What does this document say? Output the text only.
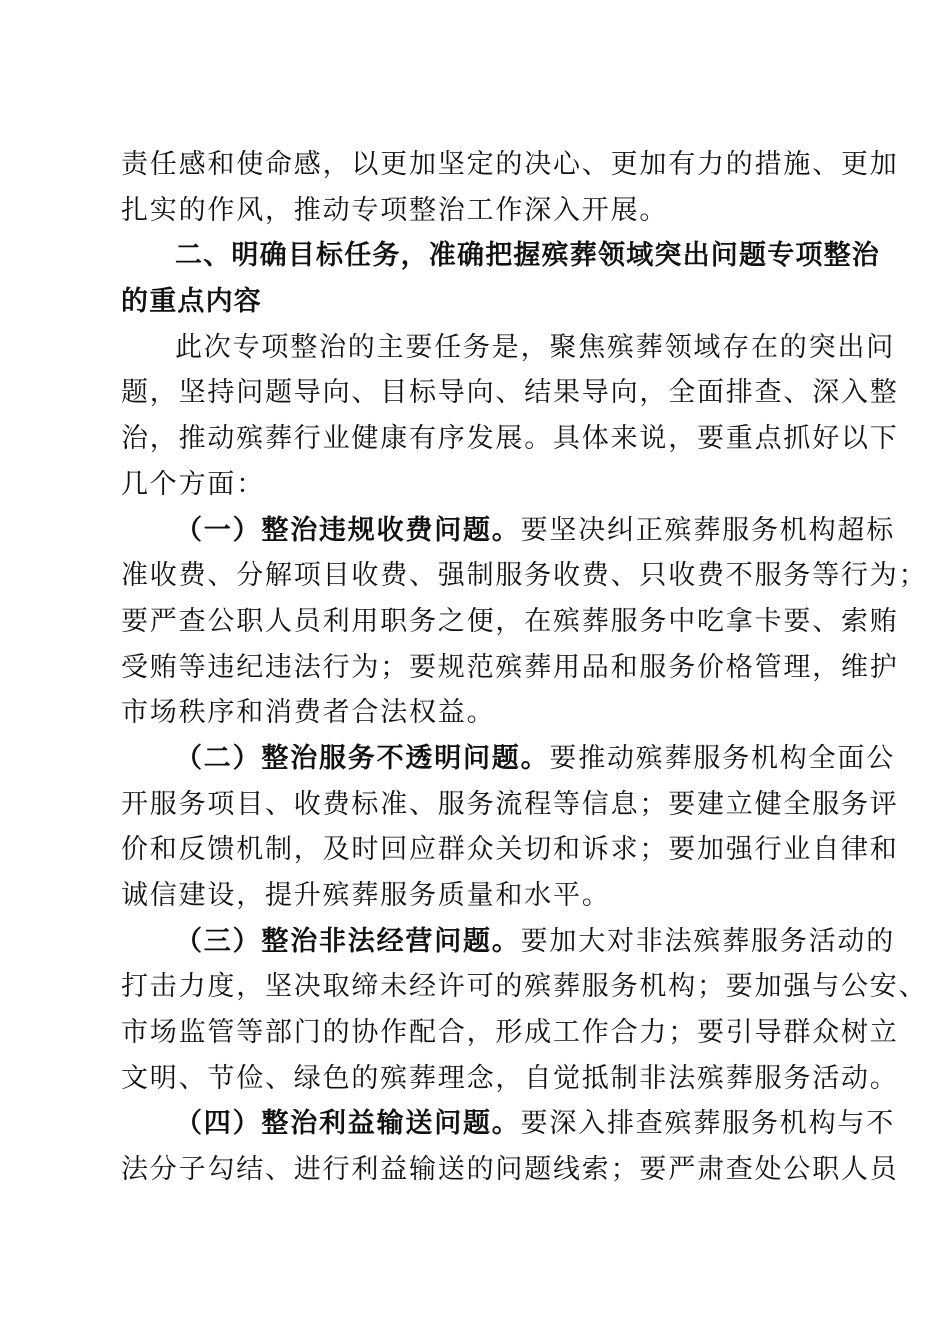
责任感和使命感，以更加坚定的决心、更加有力的措施、更加
扎实的作风，推动专项整治工作深入开展。
二、明确目标任务，准确把握殡葬领域突出问题专项整治
的重点内容
此次专项整治的主要任务是，聚焦殡葬领域存在的突出问
题，坚持问题导向、目标导向、结果导向，全面排查、深入整
治，推动殡葬行业健康有序发展。具体来说，要重点抓好以下
几个方面：
（一）整治违规收费问题。要坚决纠正殡葬服务机构超标
准收费、分解项目收费、强制服务收费、只收费不服务等行为；
要严查公职人员利用职务之便，在殡葬服务中吃拿卡要、索贿
受贿等违纪违法行为；要规范殡葬用品和服务价格管理，维护
市场秩序和消费者合法权益。
（二）整治服务不透明问题。要推动殡葬服务机构全面公
开服务项目、收费标准、服务流程等信息；要建立健全服务评
价和反馈机制，及时回应群众关切和诉求；要加强行业自律和
诚信建设，提升殡葬服务质量和水平。
（三）整治非法经营问题。要加大对非法殡葬服务活动的
打击力度，坚决取缔未经许可的殡葬服务机构；要加强与公安、
市场监管等部门的协作配合，形成工作合力；要引导群众树立
文明、节俭、绿色的殡葬理念，自觉抵制非法殡葬服务活动。
（四）整治利益输送问题。要深入排查殡葬服务机构与不
法分子勾结、进行利益输送的问题线索；要严肃查处公职人员
